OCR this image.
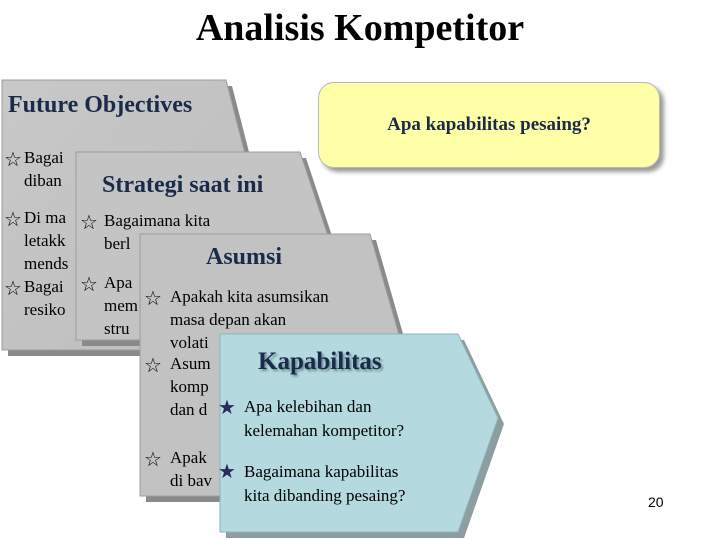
Analisis Kompetitor
Future Objectives
☆ Bagai
diban
☆ Di ma
letakk
mends
☆ Bagai
resiko
Strategi saat ini
☆ Bagaimana kita
berl
☆ Apa
mem
stru
Asumsi
☆ Apakah kita asumsikan
masa depan akan
volati
☆ Asum
komp
dan d
☆ Apak
di bav
Kapabilitas
★ Apa kelebihan dan
kelemahan kompetitor?
★ Bagaimana kapabilitas
kita dibanding pesaing?
Apa kapabilitas pesaing?
20
